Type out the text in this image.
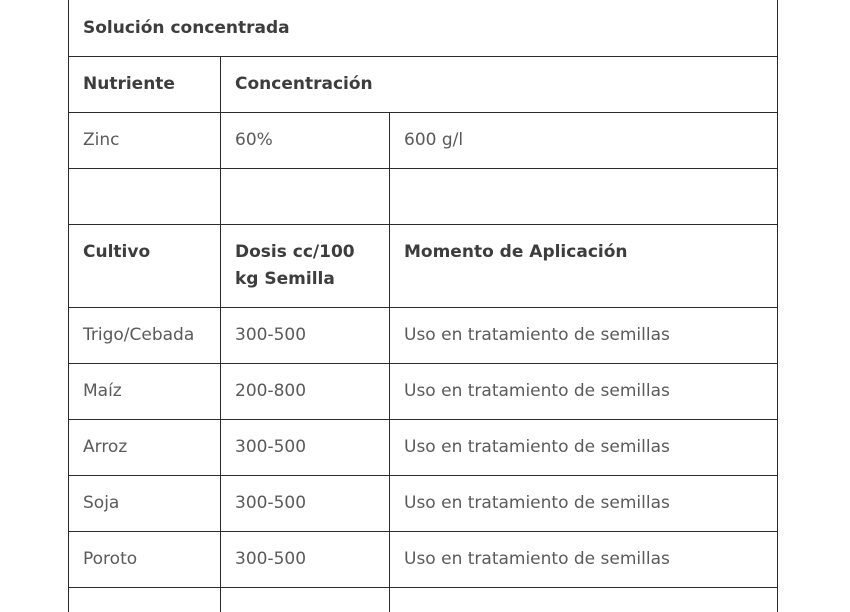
Solución concentrada		
Nutriente	Concentración	
Zinc	60%	600 g/l

Cultivo	Dosis cc/100 kg Semilla	Momento de Aplicación
Trigo/Cebada	300-500	Uso en tratamiento de semillas
Maíz	200-800	Uso en tratamiento de semillas
Arroz	300-500	Uso en tratamiento de semillas
Soja	300-500	Uso en tratamiento de semillas
Poroto	300-500	Uso en tratamiento de semillas
